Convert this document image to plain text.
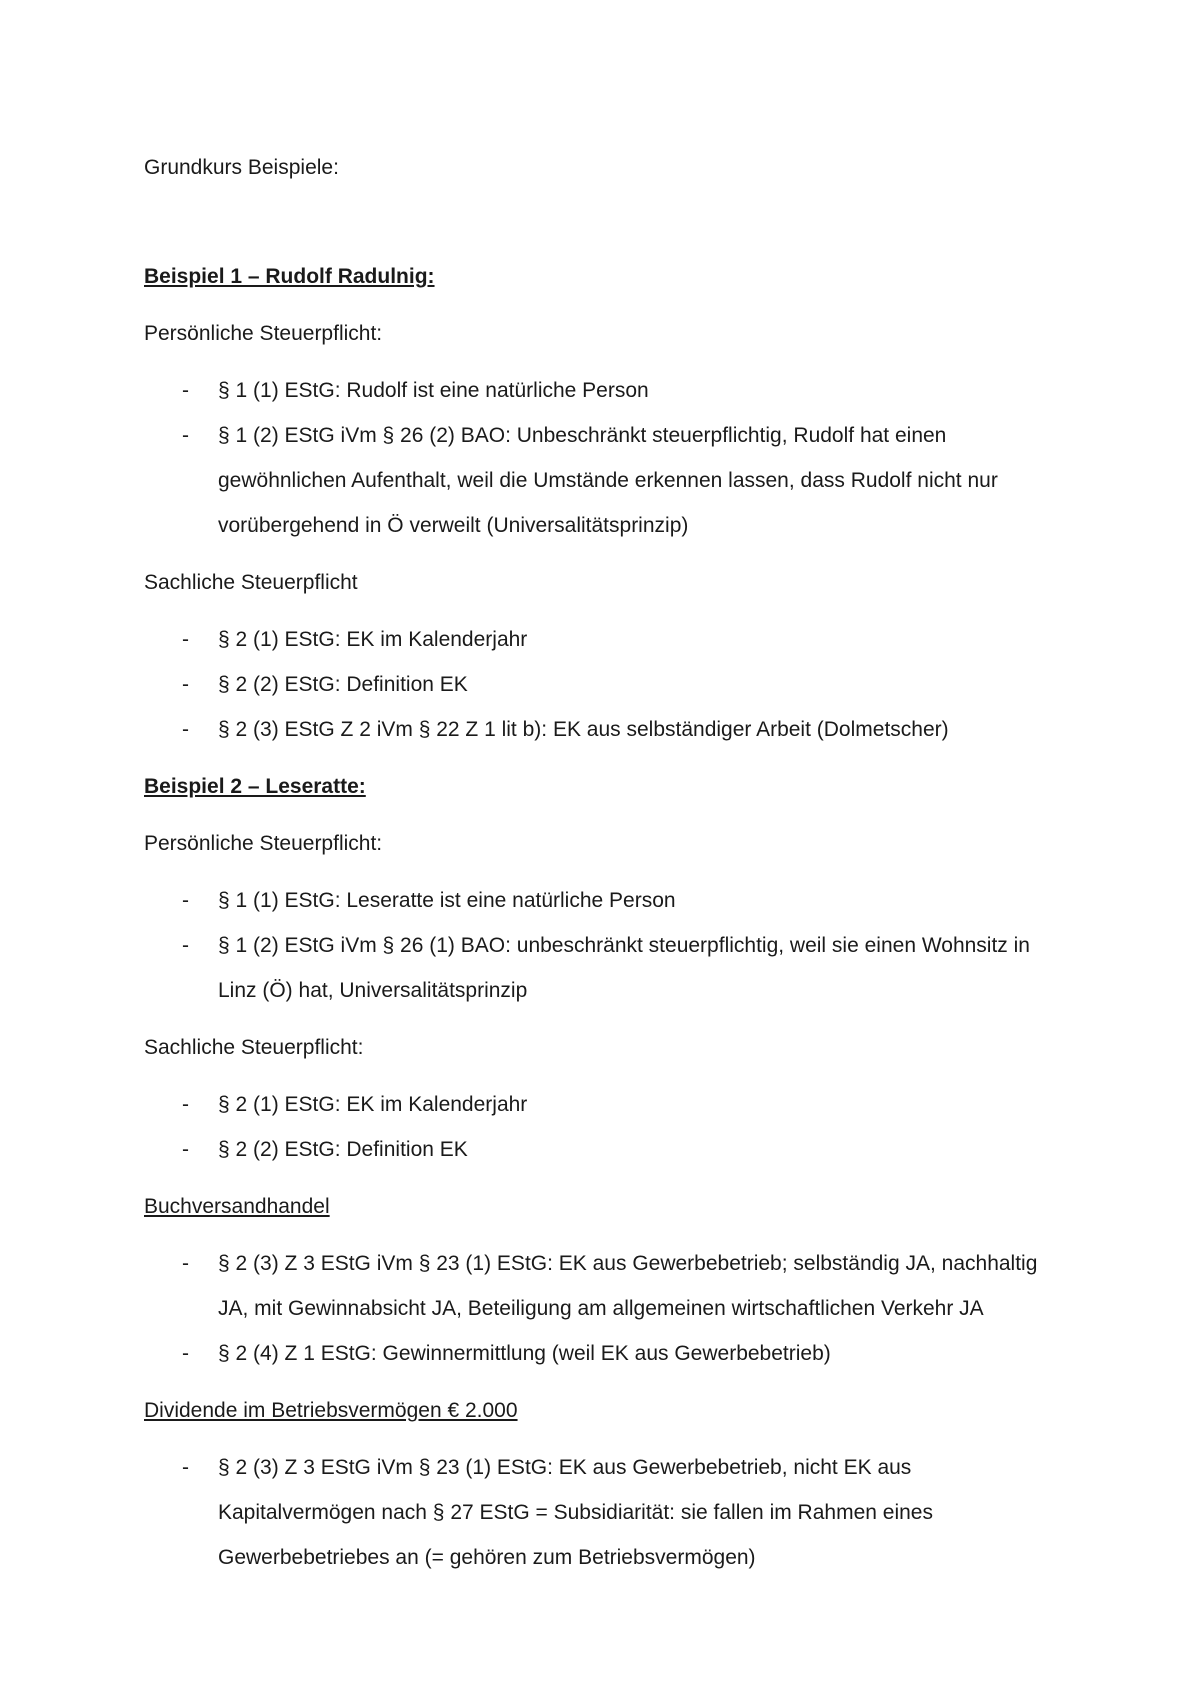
Grundkurs Beispiele:
Beispiel 1 – Rudolf Radulnig:
Persönliche Steuerpflicht:
- § 1 (1) EStG: Rudolf ist eine natürliche Person
- § 1 (2) EStG iVm § 26 (2) BAO: Unbeschränkt steuerpflichtig, Rudolf hat einen gewöhnlichen Aufenthalt, weil die Umstände erkennen lassen, dass Rudolf nicht nur vorübergehend in Ö verweilt (Universalitätsprinzip)
Sachliche Steuerpflicht
- § 2 (1) EStG: EK im Kalenderjahr
- § 2 (2) EStG: Definition EK
- § 2 (3) EStG Z 2 iVm § 22 Z 1 lit b): EK aus selbständiger Arbeit (Dolmetscher)
Beispiel 2 – Leseratte:
Persönliche Steuerpflicht:
- § 1 (1) EStG: Leseratte ist eine natürliche Person
- § 1 (2) EStG iVm § 26 (1) BAO: unbeschränkt steuerpflichtig, weil sie einen Wohnsitz in Linz (Ö) hat, Universalitätsprinzip
Sachliche Steuerpflicht:
- § 2 (1) EStG: EK im Kalenderjahr
- § 2 (2) EStG: Definition EK
Buchversandhandel
- § 2 (3) Z 3 EStG iVm § 23 (1) EStG: EK aus Gewerbebetrieb; selbständig JA, nachhaltig JA, mit Gewinnabsicht JA, Beteiligung am allgemeinen wirtschaftlichen Verkehr JA
- § 2 (4) Z 1 EStG: Gewinnermittlung (weil EK aus Gewerbebetrieb)
Dividende im Betriebsvermögen € 2.000
- § 2 (3) Z 3 EStG iVm § 23 (1) EStG: EK aus Gewerbebetrieb, nicht EK aus Kapitalvermögen nach § 27 EStG = Subsidiarität: sie fallen im Rahmen eines Gewerbebetriebes an (= gehören zum Betriebsvermögen)
